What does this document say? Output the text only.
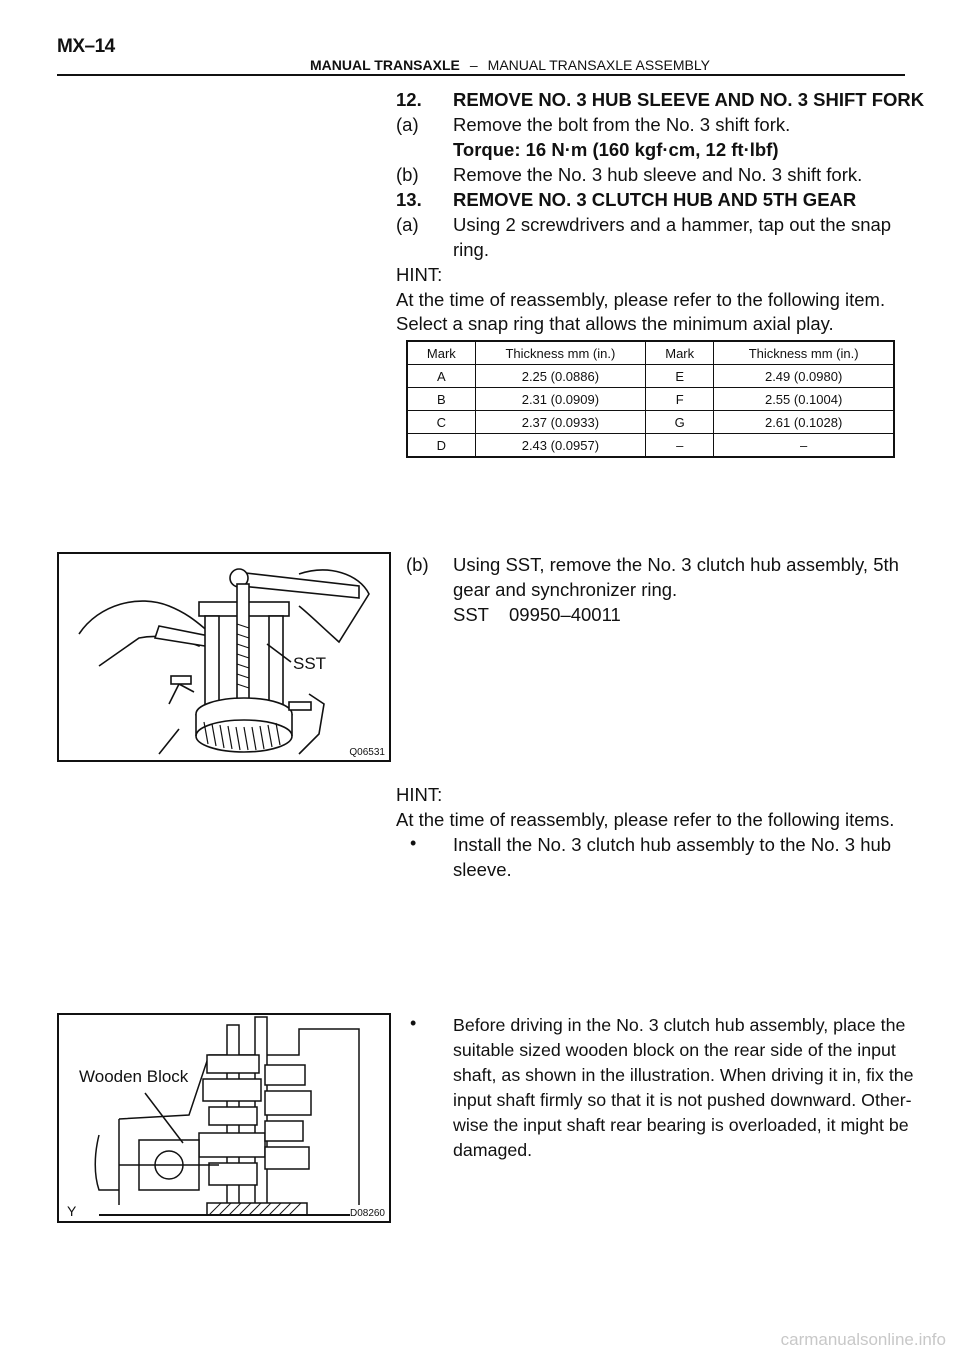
MX–14
MANUAL TRANSAXLE – MANUAL TRANSAXLE ASSEMBLY
12. REMOVE NO. 3 HUB SLEEVE AND NO. 3 SHIFT FORK
(a) Remove the bolt from the No. 3 shift fork.
Torque: 16 N·m (160 kgf·cm, 12 ft·lbf)
(b) Remove the No. 3 hub sleeve and No. 3 shift fork.
13. REMOVE NO. 3 CLUTCH HUB AND 5TH GEAR
(a) Using 2 screwdrivers and a hammer, tap out the snap
ring.
HINT:
At the time of reassembly, please refer to the following item.
Select a snap ring that allows the minimum axial play.
Mark	Thickness mm (in.)	Mark	Thickness mm (in.)
A	2.25 (0.0886)	E	2.49 (0.0980)
B	2.31 (0.0909)	F	2.55 (0.1004)
C	2.37 (0.0933)	G	2.61 (0.1028)
D	2.43 (0.0957)	–	–
SST
Q06531
(b) Using SST, remove the No. 3 clutch hub assembly, 5th
gear and synchronizer ring.
SST 09950–40011
HINT:
At the time of reassembly, please refer to the following items.
• Install the No. 3 clutch hub assembly to the No. 3 hub
sleeve.
Wooden Block
Y	D08260
• Before driving in the No. 3 clutch hub assembly, place the
suitable sized wooden block on the rear side of the input
shaft, as shown in the illustration. When driving it in, fix the
input shaft firmly so that it is not pushed downward. Other-
wise the input shaft rear bearing is overloaded, it might be
damaged.
carmanualsonline.info
